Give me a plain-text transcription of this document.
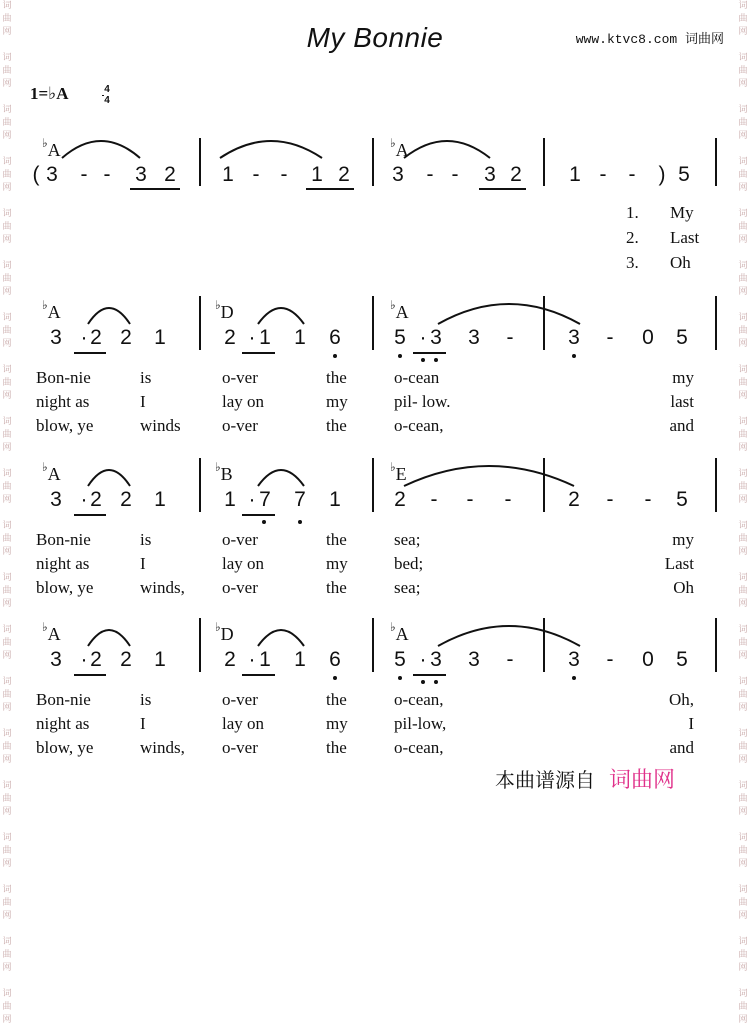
词
曲
网

词
曲
网

词
曲
网

词
曲
网

词
曲
网

词
曲
网

词
曲
网

词
曲
网

词
曲
网

词
曲
网

词
曲
网

词
曲
网

词
曲
网

词
曲
网

词
曲
网

词
曲
网

词
曲
网

词
曲
网

词
曲
网

词
曲
网

词
曲
网

词
曲
网

词
曲
网

词
曲
网

词
曲
网

词
曲
网

词
曲
网

词
曲
网

词
曲
网

词
曲
网

词
曲
网

词
曲
网

词
曲
网

词
曲
网

词
曲
网

词
曲
网

词
曲
网

词
曲
网

词
曲
网

词
曲
网

My Bonnie	www.ktvc8.com 词曲网
1=♭A	4
4
( 3	- -	3 2 1 -	-	1 2 3	- -	3 2 1 -	-	) 5
♭A	♭A
1. My
2. Last
3. Oh
♭A	♭D	♭A
3 · 2 2 1	2 · 1 1 6	5 · 3 3	-	3	-	0 5
Bon-nie	is	o-ver	the	o-cean	my
night as	I	lay on	my	pil- low.	last
blow, ye	winds o-ver	the	o-cean,	and
♭A	♭B	♭E
3 · 2 2 1	1 · 7 7 1	2	-	-	-	2	-	-	5
Bon-nie	is	o-ver	the	sea;	my
night as	I	lay on	my	bed;	Last
blow, ye	winds, o-ver	the	sea;	Oh
♭A	♭D	♭A
3 · 2 2 1	2 · 1 1 6	5 · 3 3	-	3	-	0 5
Bon-nie	is	o-ver	the	o-cean,	Oh,
night as	I	lay on	my	pil-low,	I
blow, ye	winds, o-ver	the	o-cean,	and
本曲谱源自 词曲网
